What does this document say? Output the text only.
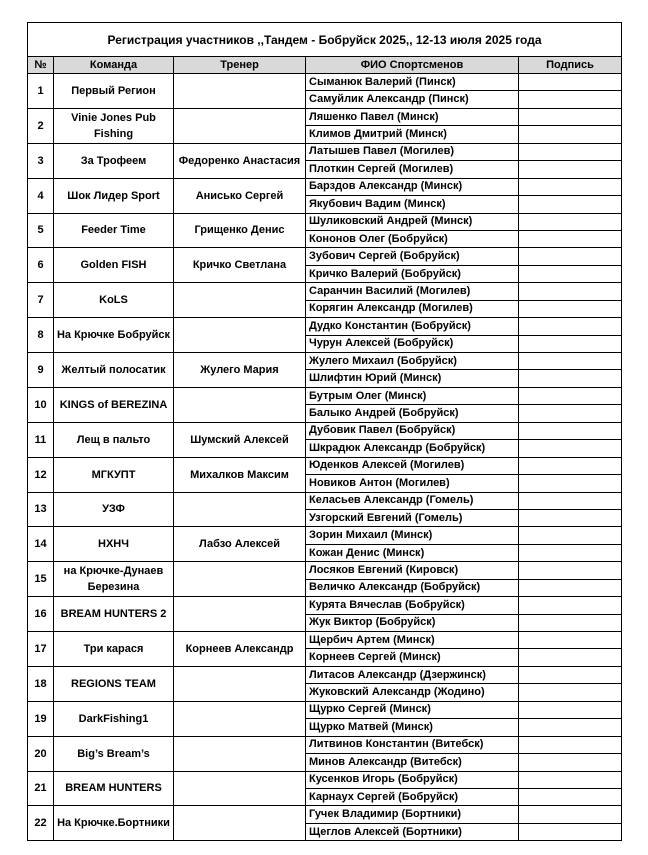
Регистрация участников ,,Тандем - Бобруйск 2025,, 12-13 июля 2025 года				
№	Команда	Тренер	ФИО Спортсменов	Подпись
1	Первый Регион		Сыманюк Валерий (Пинск)	
			Самуйлик Александр (Пинск)	
2	Vinie Jones Pub Fishing		Ляшенко Павел (Минск)	
			Климов Дмитрий (Минск)	
3	За Трофеем	Федоренко Анастасия	Латышев Павел (Могилев)	
			Плоткин Сергей (Могилев)	
4	Шок Лидер Sport	Анисько Сергей	Барздов Александр (Минск)	
			Якубович Вадим (Минск)	
5	Feeder Time	Грищенко Денис	Шуликовский Андрей (Минск)	
			Кононов Олег (Бобруйск)	
6	Golden FISH	Кричко Светлана	Зубович Сергей (Бобруйск)	
			Кричко Валерий (Бобруйск)	
7	KoLS		Саранчин Василий (Могилев)	
			Корягин Александр (Могилев)	
8	На Крючке Бобруйск		Дудко Константин (Бобруйск)	
			Чурун Алексей (Бобруйск)	
9	Желтый полосатик	Жулего Мария	Жулего Михаил (Бобруйск)	
			Шлифтин Юрий (Минск)	
10	KINGS of BEREZINA		Бутрым Олег (Минск)	
			Балыко Андрей (Бобруйск)	
11	Лещ в пальто	Шумский Алексей	Дубовик Павел (Бобруйск)	
			Шкрадюк Александр (Бобруйск)	
12	МГКУПТ	Михалков Максим	Юденков Алексей (Могилев)	
			Новиков Антон (Могилев)	
13	УЗФ		Келасьев Александр (Гомель)	
			Узгорский Евгений (Гомель)	
14	НХНЧ	Лабзо Алексей	Зорин Михаил (Минск)	
			Кожан Денис (Минск)	
15	на Крючке-Дунаев Березина		Лосяков Евгений (Кировск)	
			Величко Александр (Бобруйск)	
16	BREAM HUNTERS 2		Курята Вячеслав (Бобруйск)	
			Жук Виктор (Бобруйск)	
17	Три карася	Корнеев Александр	Щербич Артем (Минск)	
			Корнеев Сергей (Минск)	
18	REGIONS TEAM		Литасов Александр (Дзержинск)	
			Жуковский Александр (Жодино)	
19	DarkFishing1		Щурко Сергей (Минск)	
			Щурко Матвей (Минск)	
20	Big’s Bream’s		Литвинов Константин (Витебск)	
			Минов Александр (Витебск)	
21	BREAM HUNTERS		Кусенков Игорь (Бобруйск)	
			Карнаух Сергей (Бобруйск)	
22	На Крючке.Бортники		Гучек Владимир (Бортники)	
			Щеглов Алексей (Бортники)	
